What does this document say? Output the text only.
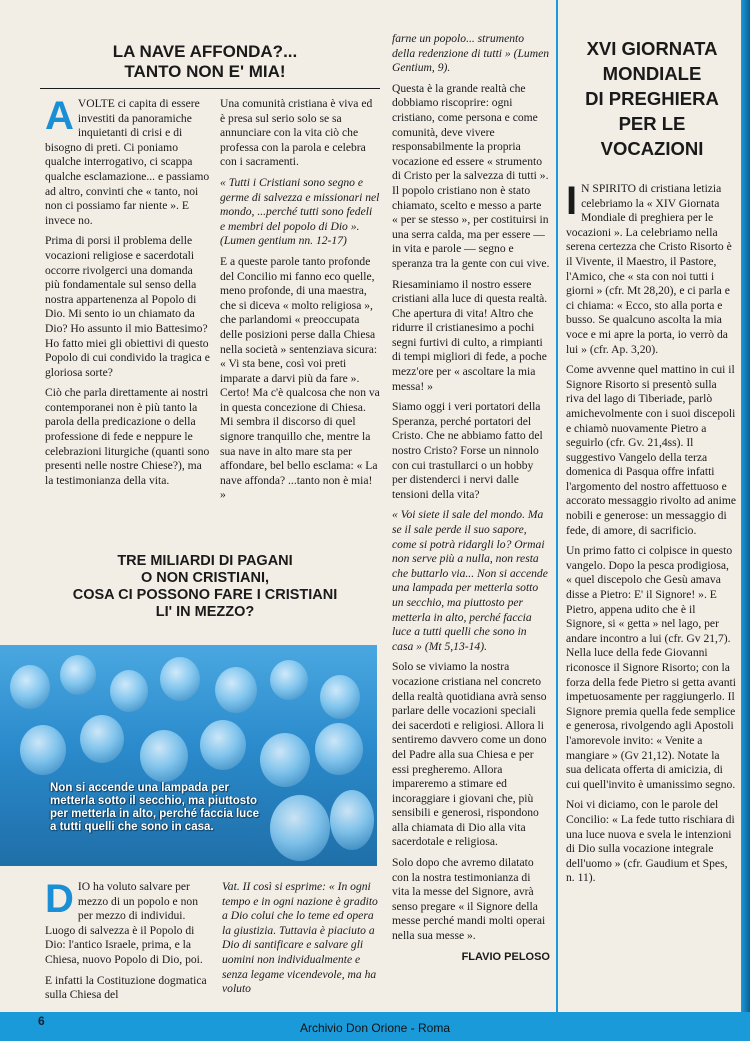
LA NAVE AFFONDA?...
TANTO NON E' MIA!

AVOLTE ci capita di essere investiti da panoramiche inquietanti di crisi e di bisogno di preti. Ci poniamo qualche interrogativo, ci scappa qualche esclamazione... e passiamo ad altro, convinti che « tanto, noi non ci possiamo far niente ». E invece no.

Prima di porsi il problema delle vocazioni religiose e sacerdotali occorre rivolgerci una domanda più fondamentale sul senso della nostra appartenenza al Popolo di Dio. Mi sento io un chiamato da Dio? Ho assunto il mio Battesimo? Ho fatto miei gli obiettivi di questo Popolo di cui condivido la tragica e gloriosa sorte?

Ciò che parla direttamente ai nostri contemporanei non è più tanto la parola della predicazione o della professione di fede e neppure le celebrazioni liturgiche (quanti sono presenti nelle nostre Chiese?), ma la testimonianza della vita.

Una comunità cristiana è viva ed è presa sul serio solo se sa annunciare con la vita ciò che professa con la parola e celebra con i sacramenti.

« Tutti i Cristiani sono segno e germe di salvezza e missionari nel mondo, ...perché tutti sono fedeli e membri del popolo di Dio ». (Lumen gentium nn. 12-17)

E a queste parole tanto profonde del Concilio mi fanno eco quelle, meno profonde, di una maestra, che si diceva « molto religiosa », che parlandomi « preoccupata delle posizioni perse dalla Chiesa nella società » sentenziava sicura: « Vi sta bene, così voi preti imparate a darvi più da fare ». Certo! Ma c'è qualcosa che non va in questa concezione di Chiesa. Mi sembra il discorso di quel signore tranquillo che, mentre la sua nave in alto mare sta per affondare, bel bello esclama: « La nave affonda? ...tanto non è mia! »

TRE MILIARDI DI PAGANI
O NON CRISTIANI,
COSA CI POSSONO FARE I CRISTIANI
LI' IN MEZZO?
Non si accende una lampada per metterla sotto il secchio, ma piuttosto per metterla in alto, perché faccia luce a tutti quelli che sono in casa.

DIO ha voluto salvare per mezzo di un popolo e non per mezzo di individui. Luogo di salvezza è il Popolo di Dio: l'antico Israele, prima, e la Chiesa, nuovo Popolo di Dio, poi.

E infatti la Costituzione dogmatica sulla Chiesa del

Vat. II così si esprime: « In ogni tempo e in ogni nazione è gradito a Dio colui che lo teme ed opera la giustizia. Tuttavia è piaciuto a Dio di santificare e salvare gli uomini non individualmente e senza legame vicendevole, ma ha voluto

farne un popolo... strumento della redenzione di tutti » (Lumen Gentium, 9).

Questa è la grande realtà che dobbiamo riscoprire: ogni cristiano, come persona e come comunità, deve vivere responsabilmente la propria vocazione ed essere « strumento di Cristo per la salvezza di tutti ». Il popolo cristiano non è stato chiamato, scelto e messo a parte « per se stesso », per costituirsi in una serra calda, ma per essere — in vita e parole — segno e speranza tra la gente con cui vive.

Riesaminiamo il nostro essere cristiani alla luce di questa realtà. Che apertura di vita! Altro che ridurre il cristianesimo a pochi segni furtivi di culto, a rimpianti di tempi migliori di fede, a poche mezz'ore per « ascoltare la mia messa! »

Siamo oggi i veri portatori della Speranza, perché portatori del Cristo. Che ne abbiamo fatto del nostro Cristo? Forse un ninnolo con cui trastullarci o un hobby per distenderci i nervi dalle tensioni della vita?

« Voi siete il sale del mondo. Ma se il sale perde il suo sapore, come si potrà ridargli lo? Ormai non serve più a nulla, non resta che buttarlo via... Non si accende una lampada per metterla sotto un secchio, ma piuttosto per metterla in alto, perché faccia luce a tutti quelli che sono in casa » (Mt 5,13-14).

Solo se viviamo la nostra vocazione cristiana nel concreto della realtà quotidiana avrà senso parlare delle vocazioni speciali dei sacerdoti e religiosi. Allora li sentiremo davvero come un dono del Padre alla sua Chiesa e per essi pregheremo. Allora impareremo a stimare ed incoraggiare i giovani che, più sensibili e generosi, rispondono alla chiamata di Dio alla vita sacerdotale e religiosa.

Solo dopo che avremo dilatato con la nostra testimonianza di vita la messe del Signore, avrà senso pregare « il Signore della messe perché mandi molti operai nella sua messe ».

FLAVIO PELOSO

XVI GIORNATA
MONDIALE
DI PREGHIERA
PER LE
VOCAZIONI

I N SPIRITO di cristiana letizia celebriamo la « XIV Giornata Mondiale di preghiera per le vocazioni ». La celebriamo nella serena certezza che Cristo Risorto è il Vivente, il Maestro, il Pastore, l'Amico, che « sta con noi tutti i giorni » (cfr. Mt 28,20), e ci parla e ci chiama: « Ecco, sto alla porta e busso. Se qualcuno ascolta la mia voce e mi apre la porta, io verrò da lui » (cfr. Ap. 3,20).

Come avvenne quel mattino in cui il Signore Risorto si presentò sulla riva del lago di Tiberiade, parlò amichevolmente con i suoi discepoli e chiamò nuovamente Pietro a seguirlo (cfr. Gv. 21,4ss). Il suggestivo Vangelo della terza domenica di Pasqua offre infatti l'argomento del nostro affettuoso e accorato messaggio rivolto ad anime nobili e generose: un messaggio di fede, di amore, di sacrificio.

Un primo fatto ci colpisce in questo vangelo. Dopo la pesca prodigiosa, « quel discepolo che Gesù amava disse a Pietro: E' il Signore! ». E Pietro, appena udito che è il Signore, si « getta » nel lago, per andare incontro a lui (cfr. Gv 21,7). Nella luce della fede Giovanni riconosce il Signore Risorto; con la forza della fede Pietro si getta avanti impetuosamente per raggiungerlo. Il Signore premia quella fede semplice e generosa, rivolgendo agli Apostoli l'amorevole invito: « Venite a mangiare » (Gv 21,12). Notate la sua delicata offerta di amicizia, di cui quell'invito è umanissimo segno.

Noi vi diciamo, con le parole del Concilio: « La fede tutto rischiara di una luce nuova e svela le intenzioni di Dio sulla vocazione integrale dell'uomo » (cfr. Gaudium et Spes, n. 11).

6	Archivio Don Orione - Roma
